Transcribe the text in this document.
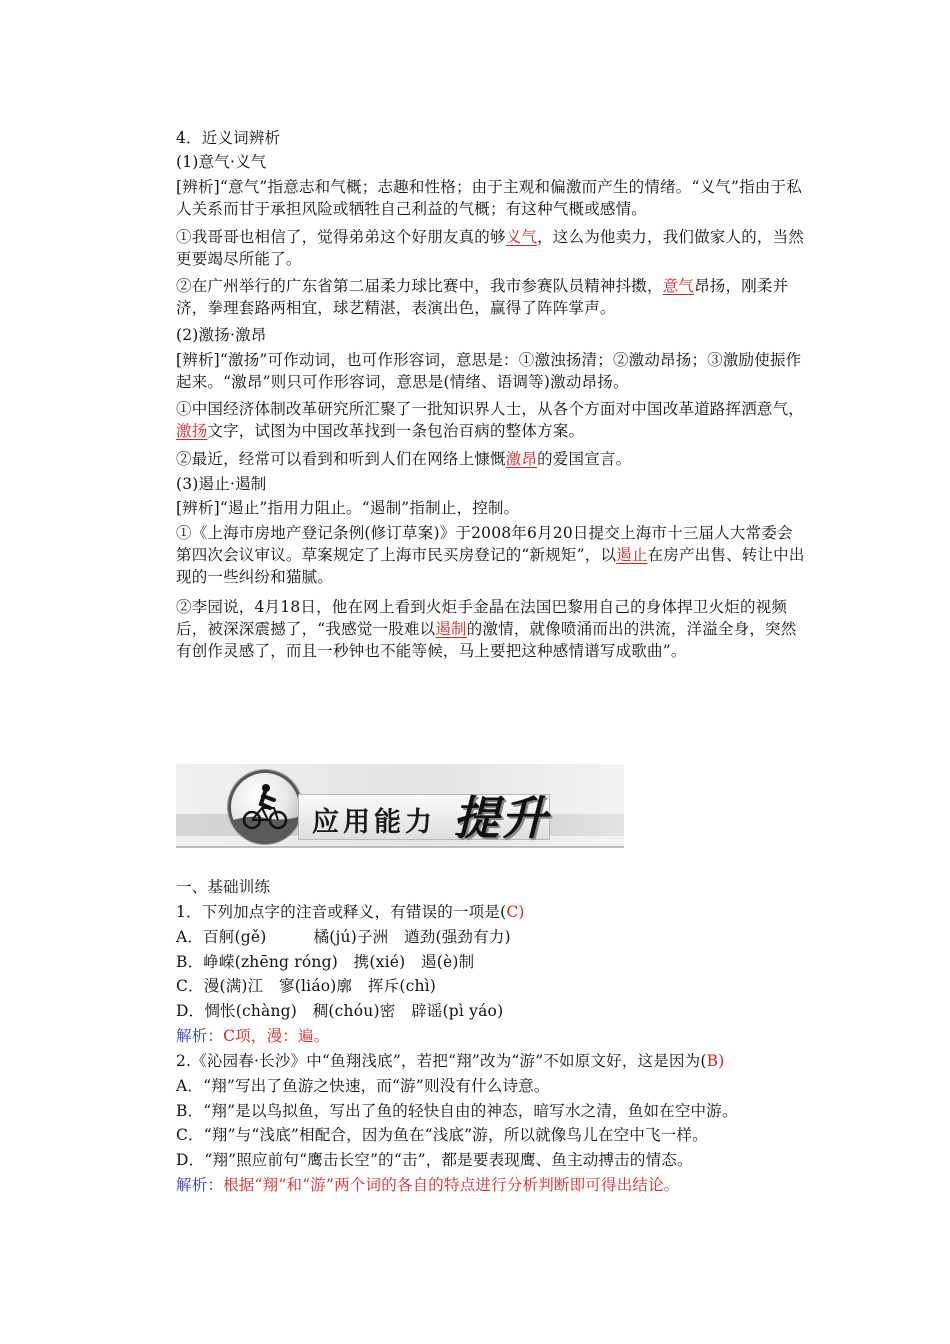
4．近义词辨析
(1)意气·义气
[辨析]“意气”指意志和气概；志趣和性格；由于主观和偏激而产生的情绪。“义气”指由于私人关系而甘于承担风险或牺牲自己利益的气概；有这种气概或感情。
①我哥哥也相信了，觉得弟弟这个好朋友真的够义气，这么为他卖力，我们做家人的，当然更要竭尽所能了。
②在广州举行的广东省第二届柔力球比赛中，我市参赛队员精神抖擞，意气昂扬，刚柔并济，拳理套路两相宜，球艺精湛，表演出色，赢得了阵阵掌声。
(2)激扬·激昂
[辨析]“激扬”可作动词，也可作形容词，意思是：①激浊扬清；②激动昂扬；③激励使振作起来。“激昂”则只可作形容词，意思是(情绪、语调等)激动昂扬。
①中国经济体制改革研究所汇聚了一批知识界人士，从各个方面对中国改革道路挥洒意气，激扬文字，试图为中国改革找到一条包治百病的整体方案。
②最近，经常可以看到和听到人们在网络上慷慨激昂的爱国宣言。
(3)遏止·遏制
[辨析]“遏止”指用力阻止。“遏制”指制止，控制。
①《上海市房地产登记条例(修订草案)》于2008年6月20日提交上海市十三届人大常委会第四次会议审议。草案规定了上海市民买房登记的“新规矩”，以遏止在房产出售、转让中出现的一些纠纷和猫腻。
②李园说，4月18日，他在网上看到火炬手金晶在法国巴黎用自己的身体捍卫火炬的视频后，被深深震撼了，“我感觉一股难以遏制的激情，就像喷涌而出的洪流，洋溢全身，突然有创作灵感了，而且一秒钟也不能等候，马上要把这种感情谱写成歌曲”。
应用能力 提升
一、基础训练
1．下列加点字的注音或释义，有错误的一项是(C)
A．百舸(gě)　　　橘(jú)子洲　遒劲(强劲有力)
B．峥嵘(zhēng róng)　携(xié)　遏(è)制
C．漫(满)江　寥(liáo)廓　挥斥(chì)
D．惆怅(chàng)　稠(chóu)密　辟谣(pì yáo)
解析：C项，漫：遍。
2.《沁园春·长沙》中“鱼翔浅底”，若把“翔”改为“游”不如原文好，这是因为(B)
A．“翔”写出了鱼游之快速，而“游”则没有什么诗意。
B．“翔”是以鸟拟鱼，写出了鱼的轻快自由的神态，暗写水之清，鱼如在空中游。
C．“翔”与“浅底”相配合，因为鱼在“浅底”游，所以就像鸟儿在空中飞一样。
D．“翔”照应前句“鹰击长空”的“击”，都是要表现鹰、鱼主动搏击的情态。
解析：根据“翔”和“游”两个词的各自的特点进行分析判断即可得出结论。
